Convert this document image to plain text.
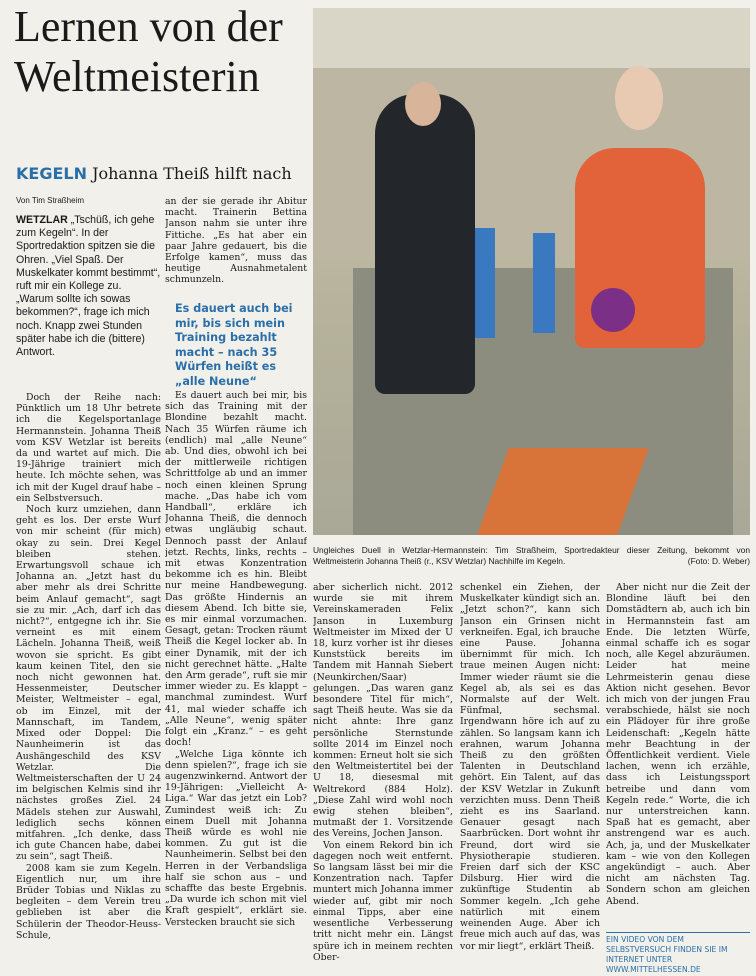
Lernen von der Weltmeisterin
KEGELN Johanna Theiß hilft nach
Von Tim Straßheim
WETZLAR „Tschüß, ich gehe zum Kegeln“. In der Sportredaktion spitzen sie die Ohren. „Viel Spaß. Der Muskelkater kommt bestimmt“, ruft mir ein Kollege zu. „Warum sollte ich sowas bekommen?“, frage ich mich noch. Knapp zwei Stunden später habe ich die (bittere) Antwort.

Doch der Reihe nach: Pünktlich um 18 Uhr betrete ich die Kegelsportanlage Hermannstein. Johanna Theiß vom KSV Wetzlar ist bereits da und wartet auf mich. Die 19-Jährige trainiert mich heute. Ich möchte sehen, was ich mit der Kugel drauf habe – ein Selbstversuch.

Noch kurz umziehen, dann geht es los. Der erste Wurf von mir scheint (für mich) okay zu sein. Drei Kegel bleiben stehen. Erwartungsvoll schaue ich Johanna an. „Jetzt hast du aber mehr als drei Schritte beim Anlauf gemacht“, sagt sie zu mir. „Ach, darf ich das nicht?“, entgegne ich ihr. Sie verneint es mit einem Lächeln. Johanna Theiß, weiß wovon sie spricht. Es gibt kaum keinen Titel, den sie noch nicht gewonnen hat. Hessenmeister, Deutscher Meister, Weltmeister – egal, ob im Einzel, mit der Mannschaft, im Tandem, Mixed oder Doppel: Die Naunheimerin ist das Aushängeschild des KSV Wetzlar. Die Weltmeisterschaften der U 24 im belgischen Kelmis sind ihr nächstes großes Ziel. 24 Mädels stehen zur Auswahl, lediglich sechs können mitfahren. „Ich denke, dass ich gute Chancen habe, dabei zu sein“, sagt Theiß.

2008 kam sie zum Kegeln. Eigentlich nur, um ihre Brüder Tobias und Niklas zu begleiten – dem Verein treu geblieben ist aber die Schülerin der Theodor-Heuss-Schule,

an der sie gerade ihr Abitur macht. Trainerin Bettina Janson nahm sie unter ihre Fittiche. „Es hat aber ein paar Jahre gedauert, bis die Erfolge kamen“, muss das heutige Ausnahmetalent schmunzeln.

Es dauert auch bei mir, bis sich mein Training bezahlt macht – nach 35 Würfen heißt es „alle Neune“

Es dauert auch bei mir, bis sich das Training mit der Blondine bezahlt macht. Nach 35 Würfen räume ich (endlich) mal „alle Neune“ ab. Und dies, obwohl ich bei der mittlerweile richtigen Schrittfolge ab und an immer noch einen kleinen Sprung mache. „Das habe ich vom Handball“, erkläre ich Johanna Theiß, die dennoch etwas ungläubig schaut. Dennoch passt der Anlauf jetzt. Rechts, links, rechts – mit etwas Konzentration bekomme ich es hin. Bleibt nur meine Handbewegung. Das größte Hindernis an diesem Abend. Ich bitte sie, es mir einmal vorzumachen. Gesagt, getan: Trocken räumt Theiß die Kegel locker ab. In einer Dynamik, mit der ich nicht gerechnet hätte. „Halte den Arm gerade“, ruft sie mir immer wieder zu. Es klappt – manchmal zumindest. Wurf 41, mal wieder schaffe ich „Alle Neune“, wenig später folgt ein „Kranz.“ – es geht doch!

„Welche Liga könnte ich denn spielen?“, frage ich sie augenzwinkernd. Antwort der 19-Jährigen: „Vielleicht A-Liga.“ War das jetzt ein Lob? Zumindest weiß ich: Zu einem Duell mit Johanna Theiß würde es wohl nie kommen. Zu gut ist die Naunheimerin. Selbst bei den Herren in der Verbandsliga half sie schon aus – und schaffte das beste Ergebnis. „Da wurde ich schon mit viel Kraft gespielt“, erklärt sie. Verstecken braucht sie sich

Ungleiches Duell in Wetzlar-Hermannstein: Tim Straßheim, Sportredakteur dieser Zeitung, bekommt von Weltmeisterin Johanna Theiß (r., KSV Wetzlar) Nachhilfe im Kegeln.	(Foto: D. Weber)

aber sicherlich nicht. 2012 wurde sie mit ihrem Vereinskameraden Felix Janson in Luxemburg Weltmeister im Mixed der U 18, kurz vorher ist ihr dieses Kunststück bereits im Tandem mit Hannah Siebert (Neunkirchen/Saar) gelungen. „Das waren ganz besondere Titel für mich“, sagt Theiß heute. Was sie da nicht ahnte: Ihre ganz persönliche Sternstunde sollte 2014 im Einzel noch kommen: Erneut holt sie sich den Weltmeistertitel bei der U 18, diesesmal mit Weltrekord (884 Holz). „Diese Zahl wird wohl noch ewig stehen bleiben“, mutmaßt der 1. Vorsitzende des Vereins, Jochen Janson.

Von einem Rekord bin ich dagegen noch weit entfernt. So langsam lässt bei mir die Konzentration nach. Tapfer muntert mich Johanna immer wieder auf, gibt mir noch einmal Tipps, aber eine wesentliche Verbesserung tritt nicht mehr ein. Längst spüre ich in meinem rechten Ober-

schenkel ein Ziehen, der Muskelkater kündigt sich an. „Jetzt schon?“, kann sich Janson ein Grinsen nicht verkneifen. Egal, ich brauche eine Pause. Johanna übernimmt für mich. Ich traue meinen Augen nicht: Immer wieder räumt sie die Kegel ab, als sei es das Normalste auf der Welt. Fünfmal, sechsmal. Irgendwann höre ich auf zu zählen. So langsam kann ich erahnen, warum Johanna Theiß zu den größten Talenten in Deutschland gehört. Ein Talent, auf das der KSV Wetzlar in Zukunft verzichten muss. Denn Theiß zieht es ins Saarland. Genauer gesagt nach Saarbrücken. Dort wohnt ihr Freund, dort wird sie Physiotherapie studieren. Freien darf sich der KSC Dilsburg. Hier wird die zukünftige Studentin ab Sommer kegeln. „Ich gehe natürlich mit einem weinenden Auge. Aber ich freue mich auch auf das, was vor mir liegt“, erklärt Theiß.

Aber nicht nur die Zeit der Blondine läuft bei den Domstädtern ab, auch ich bin in Hermannstein fast am Ende. Die letzten Würfe, einmal schaffe ich es sogar noch, alle Kegel abzuräumen. Leider hat meine Lehrmeisterin genau diese Aktion nicht gesehen. Bevor ich mich von der jungen Frau verabschiede, hälst sie noch ein Plädoyer für ihre große Leidenschaft: „Kegeln hätte mehr Beachtung in der Öffentlichkeit verdient. Viele lachen, wenn ich erzähle, dass ich Leistungssport betreibe und dann vom Kegeln rede.“ Worte, die ich nur unterstreichen kann. Spaß hat es gemacht, aber anstrengend war es auch. Ach, ja, und der Muskelkater kam – wie von den Kollegen angekündigt – auch. Aber nicht am nächsten Tag. Sondern schon am gleichen Abend.

EIN VIDEO VON DEM SELBSTVERSUCH FINDEN SIE IM INTERNET UNTER WWW.MITTELHESSEN.DE
